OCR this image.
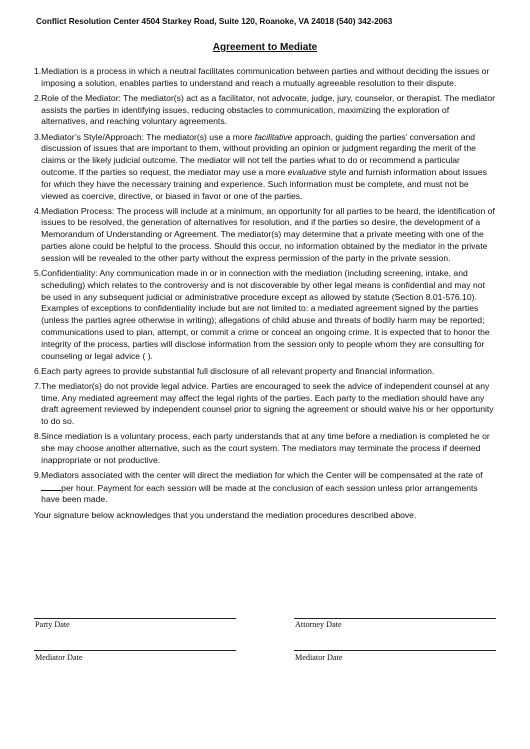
Conflict Resolution Center 4504 Starkey Road, Suite 120, Roanoke, VA 24018 (540) 342-2063
Agreement to Mediate
1. Mediation is a process in which a neutral facilitates communication between parties and without deciding the issues or imposing a solution, enables parties to understand and reach a mutually agreeable resolution to their dispute.
2. Role of the Mediator: The mediator(s) act as a facilitator, not advocate, judge, jury, counselor, or therapist. The mediator assists the parties in identifying issues, reducing obstacles to communication, maximizing the exploration of alternatives, and reaching voluntary agreements.
3. Mediator’s Style/Approach: The mediator(s) use a more facilitative approach, guiding the parties’ conversation and discussion of issues that are important to them, without providing an opinion or judgment regarding the merit of the claims or the likely judicial outcome. The mediator will not tell the parties what to do or recommend a particular outcome. If the parties so request, the mediator may use a more evaluative style and furnish information about issues for which they have the necessary training and experience. Such information must be complete, and must not be viewed as coercive, directive, or biased in favor or one of the parties.
4. Mediation Process: The process will include at a minimum, an opportunity for all parties to be heard, the identification of issues to be resolved, the generation of alternatives for resolution, and if the parties so desire, the development of a Memorandum of Understanding or Agreement. The mediator(s) may determine that a private meeting with one of the parties alone could be helpful to the process. Should this occur, no information obtained by the mediator in the private session will be revealed to the other party without the express permission of the party in the private session.
5. Confidentiality: Any communication made in or in connection with the mediation (including screening, intake, and scheduling) which relates to the controversy and is not discoverable by other legal means is confidential and may not be used in any subsequent judicial or administrative procedure except as allowed by statute (Section 8.01-576.10). Examples of exceptions to confidentiality include but are not limited to: a mediated agreement signed by the parties (unless the parties agree otherwise in writing); allegations of child abuse and threats of bodily harm may be reported; communications used to plan, attempt, or commit a crime or conceal an ongoing crime. It is expected that to honor the integrity of the process, parties will disclose information from the session only to people whom they are consulting for counseling or legal advice ( ).
6. Each party agrees to provide substantial full disclosure of all relevant property and financial information.
7. The mediator(s) do not provide legal advice. Parties are encouraged to seek the advice of independent counsel at any time. Any mediated agreement may affect the legal rights of the parties. Each party to the mediation should have any draft agreement reviewed by independent counsel prior to signing the agreement or should waive his or her opportunity to do so.
8. Since mediation is a voluntary process, each party understands that at any time before a mediation is completed he or she may choose another alternative, such as the court system. The mediators may terminate the process if deemed inappropriate or not productive.
9. Mediators associated with the center will direct the mediation for which the Center will be compensated at the rate of per hour. Payment for each session will be made at the conclusion of each session unless prior arrangements have been made.
Your signature below acknowledges that you understand the mediation procedures described above.
Party Date	Attorney Date
Mediator Date	Mediator Date
